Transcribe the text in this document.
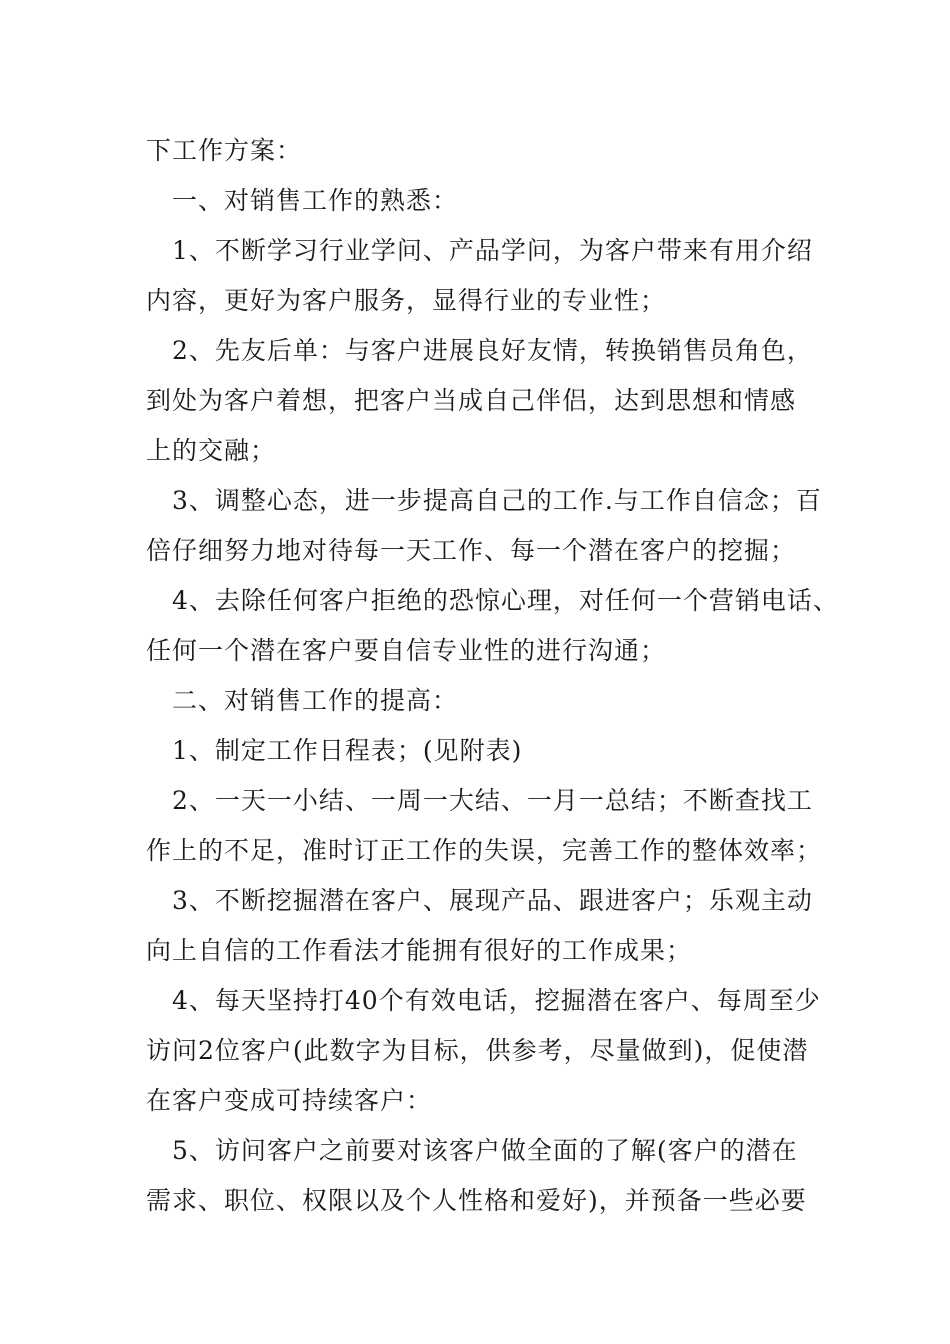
下工作方案：
　一、对销售工作的熟悉：
　1、不断学习行业学问、产品学问，为客户带来有用介绍
内容，更好为客户服务，显得行业的专业性；
　2、先友后单：与客户进展良好友情，转换销售员角色，
到处为客户着想，把客户当成自己伴侣，达到思想和情感
上的交融；
　3、调整心态，进一步提高自己的工作.与工作自信念；百
倍仔细努力地对待每一天工作、每一个潜在客户的挖掘；
　4、去除任何客户拒绝的恐惊心理，对任何一个营销电话、
任何一个潜在客户要自信专业性的进行沟通；
　二、对销售工作的提高：
　1、制定工作日程表；(见附表)
　2、一天一小结、一周一大结、一月一总结；不断查找工
作上的不足，准时订正工作的失误，完善工作的整体效率；
　3、不断挖掘潜在客户、展现产品、跟进客户；乐观主动
向上自信的工作看法才能拥有很好的工作成果；
　4、每天坚持打40个有效电话，挖掘潜在客户、每周至少
访问2位客户(此数字为目标，供参考，尽量做到)，促使潜
在客户变成可持续客户：
　5、访问客户之前要对该客户做全面的了解(客户的潜在
需求、职位、权限以及个人性格和爱好)，并预备一些必要
